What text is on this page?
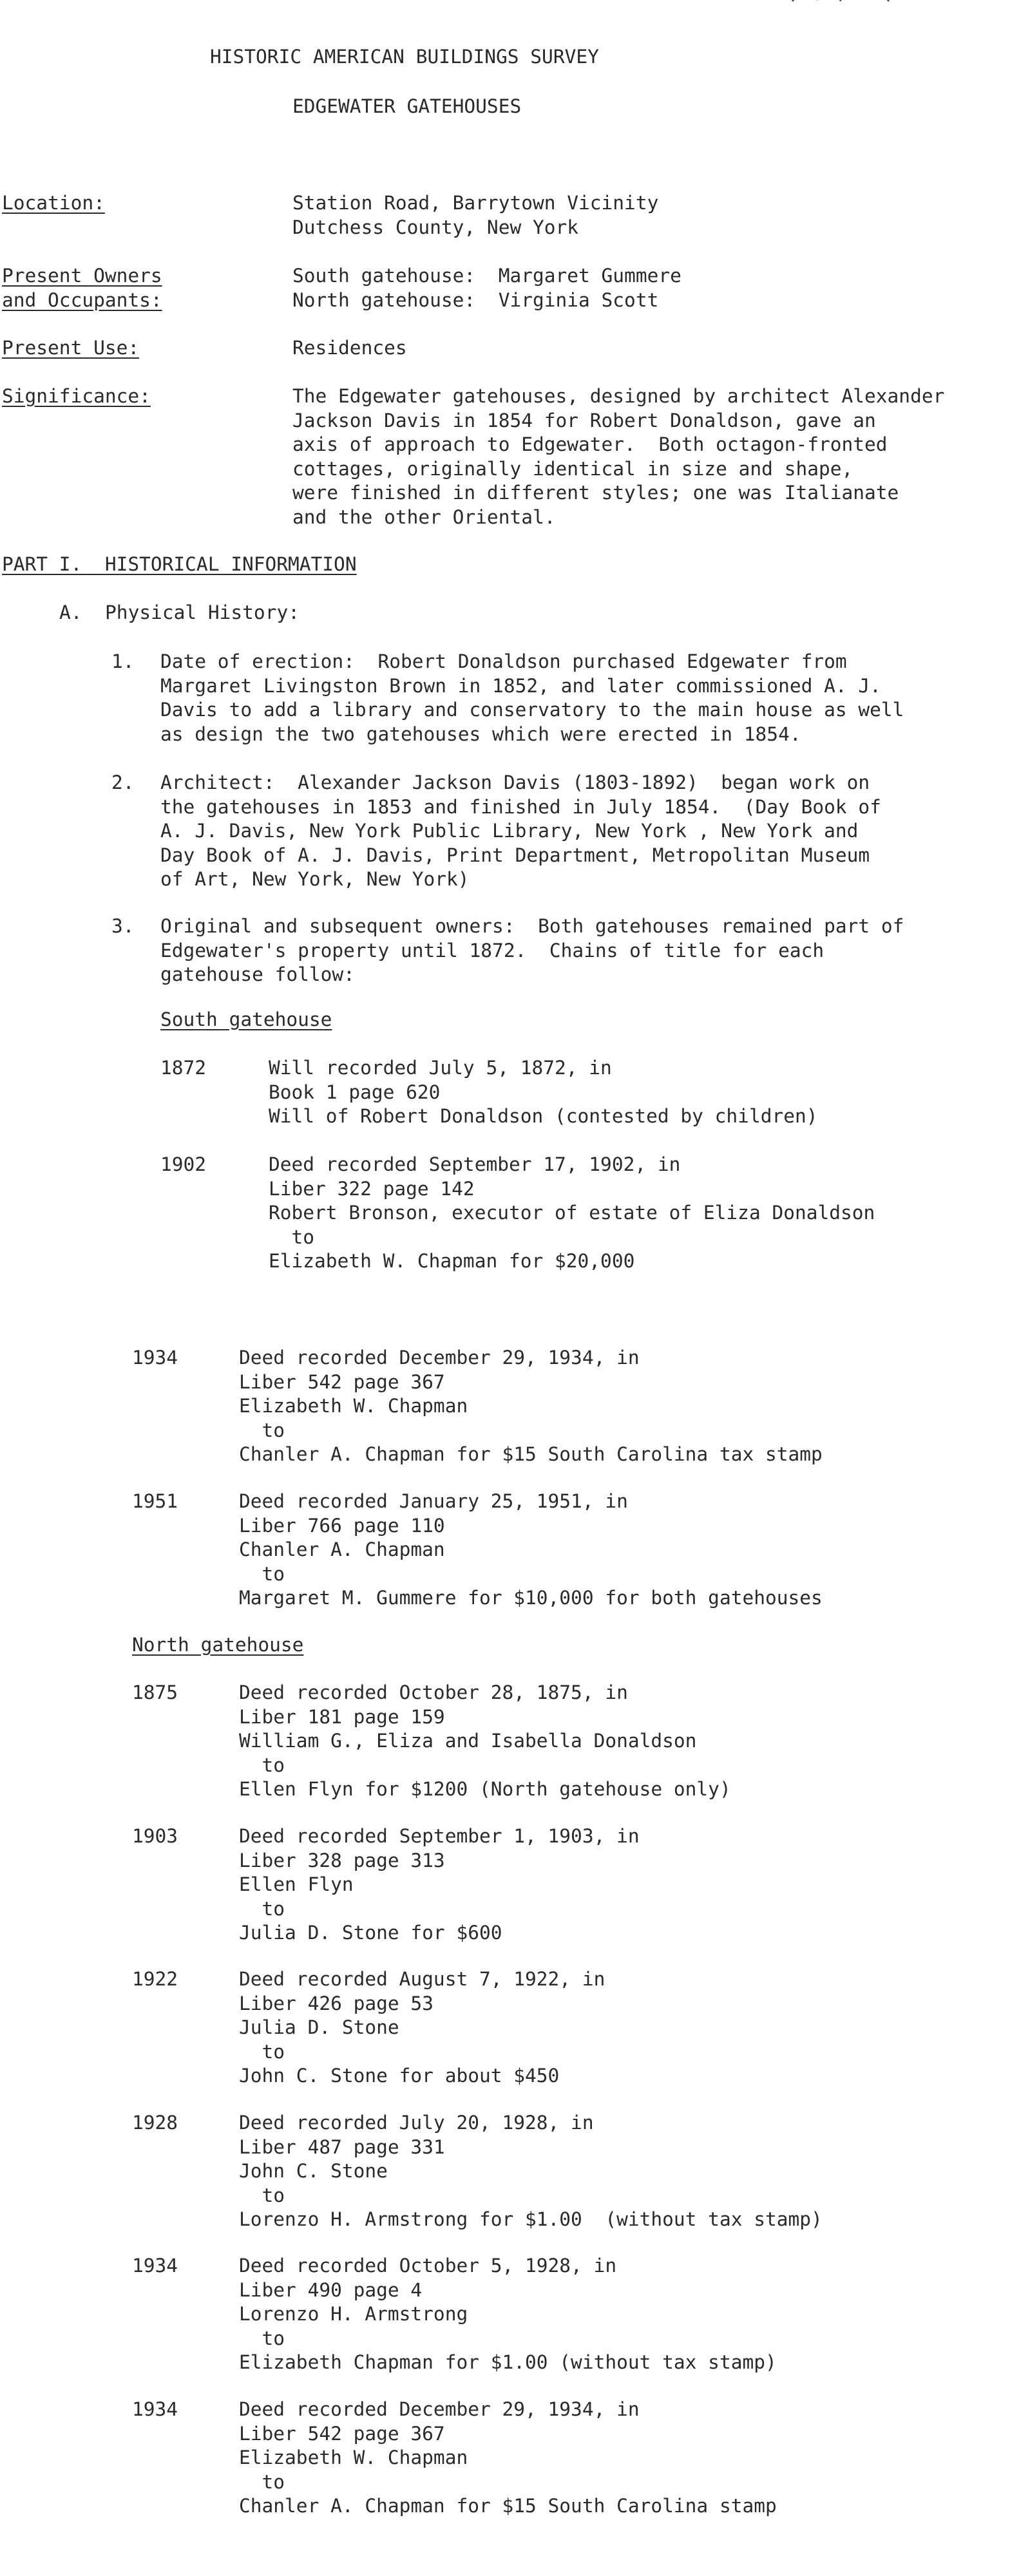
HISTORIC AMERICAN BUILDINGS SURVEY
EDGEWATER GATEHOUSES
Location:	Station Road, Barrytown Vicinity
Dutchess County, New York
Present Owners
and Occupants:
South gatehouse:  Margaret Gummere
North gatehouse:  Virginia Scott
Present Use:	Residences
Significance:	The Edgewater gatehouses, designed by architect Alexander
Jackson Davis in 1854 for Robert Donaldson, gave an
axis of approach to Edgewater.  Both octagon-fronted
cottages, originally identical in size and shape,
were finished in different styles; one was Italianate
and the other Oriental.
PART I.  HISTORICAL INFORMATION
A.  Physical History:
1. Date of erection:  Robert Donaldson purchased Edgewater from
Margaret Livingston Brown in 1852, and later commissioned A. J.
Davis to add a library and conservatory to the main house as well
as design the two gatehouses which were erected in 1854.
2. Architect:  Alexander Jackson Davis (1803-1892)  began work on
the gatehouses in 1853 and finished in July 1854.  (Day Book of
A. J. Davis, New York Public Library, New York , New York and
Day Book of A. J. Davis, Print Department, Metropolitan Museum
of Art, New York, New York)
3. Original and subsequent owners:  Both gatehouses remained part of
Edgewater's property until 1872.  Chains of title for each
gatehouse follow:
South gatehouse
1872	Will recorded July 5, 1872, in
Book 1 page 620
Will of Robert Donaldson (contested by children)
1902	Deed recorded September 17, 1902, in
Liber 322 page 142
Robert Bronson, executor of estate of Eliza Donaldson
to
Elizabeth W. Chapman for $20,000
1934	Deed recorded December 29, 1934, in
Liber 542 page 367
Elizabeth W. Chapman
to
Chanler A. Chapman for $15 South Carolina tax stamp
1951	Deed recorded January 25, 1951, in
Liber 766 page 110
Chanler A. Chapman
to
Margaret M. Gummere for $10,000 for both gatehouses
North gatehouse
1875	Deed recorded October 28, 1875, in
Liber 181 page 159
William G., Eliza and Isabella Donaldson
to
Ellen Flyn for $1200 (North gatehouse only)
1903	Deed recorded September 1, 1903, in
Liber 328 page 313
Ellen Flyn
to
Julia D. Stone for $600
1922	Deed recorded August 7, 1922, in
Liber 426 page 53
Julia D. Stone
to
John C. Stone for about $450
1928	Deed recorded July 20, 1928, in
Liber 487 page 331
John C. Stone
to
Lorenzo H. Armstrong for $1.00  (without tax stamp)
1934	Deed recorded October 5, 1928, in
Liber 490 page 4
Lorenzo H. Armstrong
to
Elizabeth Chapman for $1.00 (without tax stamp)
1934	Deed recorded December 29, 1934, in
Liber 542 page 367
Elizabeth W. Chapman
to
Chanler A. Chapman for $15 South Carolina stamp
